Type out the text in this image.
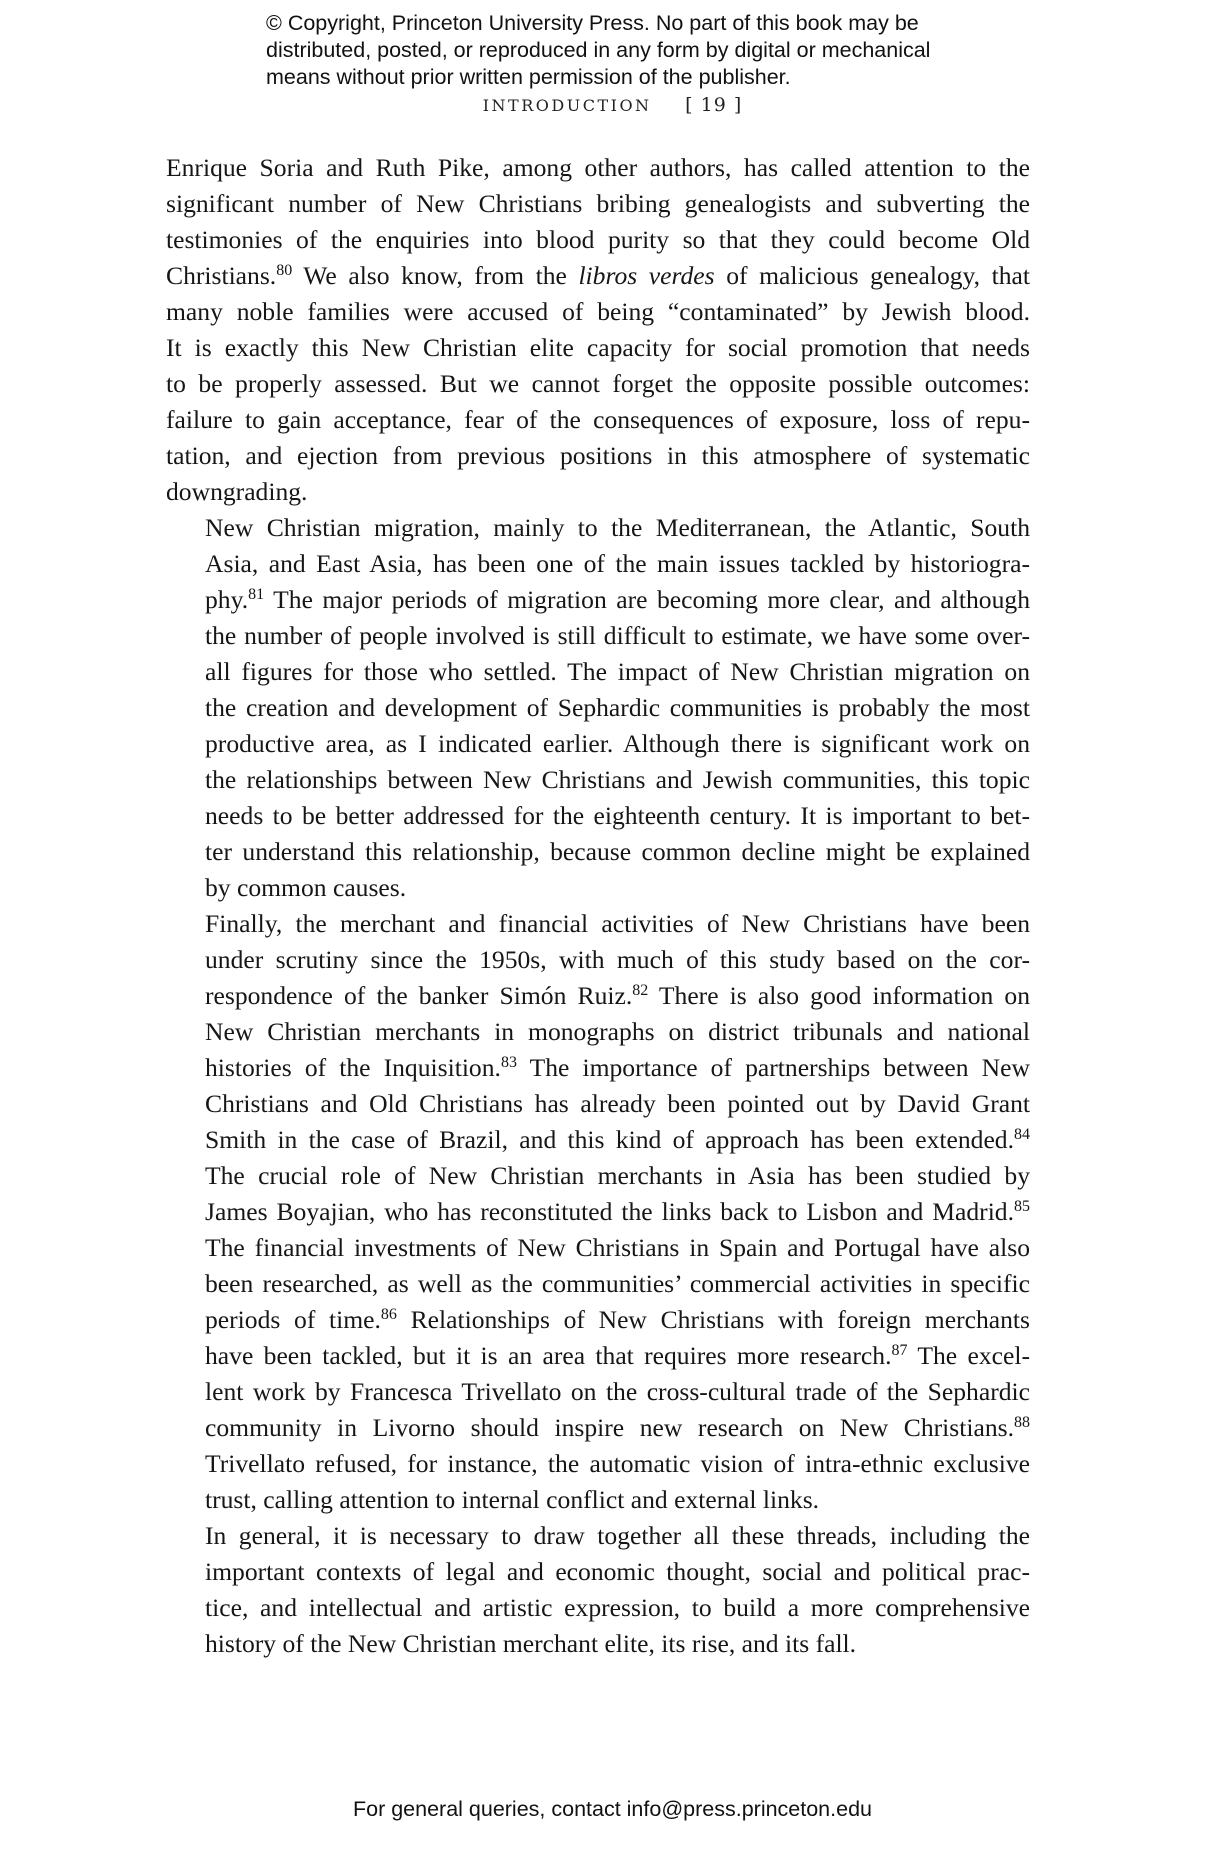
© Copyright, Princeton University Press. No part of this book may be
distributed, posted, or reproduced in any form by digital or mechanical
means without prior written permission of the publisher.
INTRODUCTION [ 19 ]

Enrique Soria and Ruth Pike, among other authors, has called attention to the
significant number of New Christians bribing genealogists and subverting the
testimonies of the enquiries into blood purity so that they could become Old
Christians.$^{80}$ We also know, from the libros verdes of malicious genealogy, that
many noble families were accused of being “contaminated” by Jewish blood.
It is exactly this New Christian elite capacity for social promotion that needs
to be properly assessed. But we cannot forget the opposite possible outcomes:
failure to gain acceptance, fear of the consequences of exposure, loss of repu-
tation, and ejection from previous positions in this atmosphere of systematic
downgrading.

New Christian migration, mainly to the Mediterranean, the Atlantic, South
Asia, and East Asia, has been one of the main issues tackled by historiogra-
phy.$^{81}$ The major periods of migration are becoming more clear, and although
the number of people involved is still difficult to estimate, we have some over-
all figures for those who settled. The impact of New Christian migration on
the creation and development of Sephardic communities is probably the most
productive area, as I indicated earlier. Although there is significant work on
the relationships between New Christians and Jewish communities, this topic
needs to be better addressed for the eighteenth century. It is important to bet-
ter understand this relationship, because common decline might be explained
by common causes.

Finally, the merchant and financial activities of New Christians have been
under scrutiny since the 1950s, with much of this study based on the cor-
respondence of the banker Simón Ruiz.$^{82}$ There is also good information on
New Christian merchants in monographs on district tribunals and national
histories of the Inquisition.$^{83}$ The importance of partnerships between New
Christians and Old Christians has already been pointed out by David Grant
Smith in the case of Brazil, and this kind of approach has been extended.$^{84}$
The crucial role of New Christian merchants in Asia has been studied by
James Boyajian, who has reconstituted the links back to Lisbon and Madrid.$^{85}$
The financial investments of New Christians in Spain and Portugal have also
been researched, as well as the communities’ commercial activities in specific
periods of time.$^{86}$ Relationships of New Christians with foreign merchants
have been tackled, but it is an area that requires more research.$^{87}$ The excel-
lent work by Francesca Trivellato on the cross-cultural trade of the Sephardic
community in Livorno should inspire new research on New Christians.$^{88}$
Trivellato refused, for instance, the automatic vision of intra-ethnic exclusive
trust, calling attention to internal conflict and external links.

In general, it is necessary to draw together all these threads, including the
important contexts of legal and economic thought, social and political prac-
tice, and intellectual and artistic expression, to build a more comprehensive
history of the New Christian merchant elite, its rise, and its fall.

For general queries, contact info@press.princeton.edu
